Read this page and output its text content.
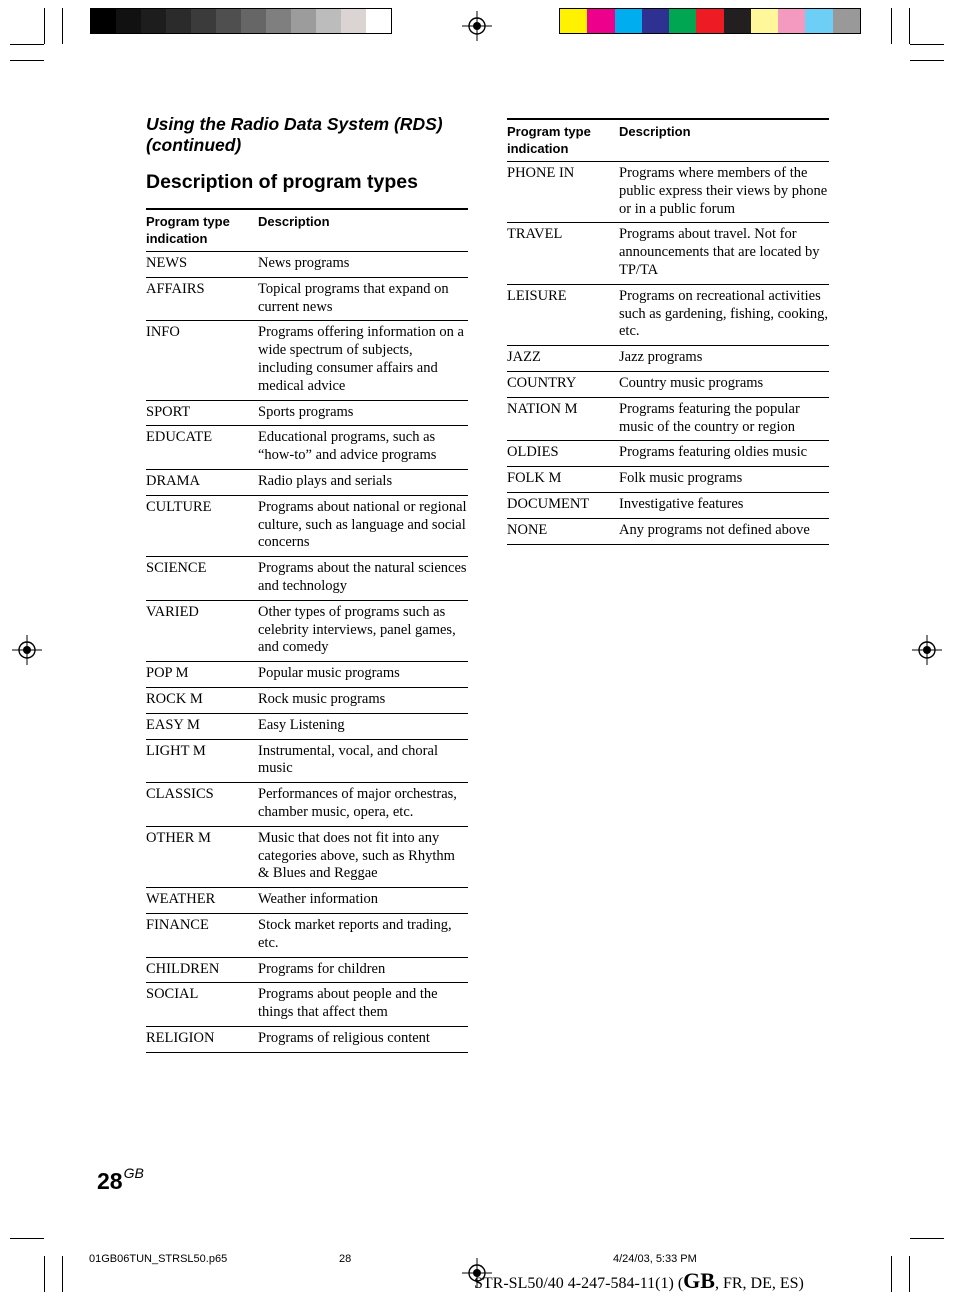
Using the Radio Data System (RDS)
(continued)
Description of program types
Program type
indication	Description
NEWS	News programs
AFFAIRS	Topical programs that expand on current news
INFO	Programs offering information on a wide spectrum of subjects, including consumer affairs and medical advice
SPORT	Sports programs
EDUCATE	Educational programs, such as “how-to” and advice programs
DRAMA	Radio plays and serials
CULTURE	Programs about national or regional culture, such as language and social concerns
SCIENCE	Programs about the natural sciences and technology
VARIED	Other types of programs such as celebrity interviews, panel games, and comedy
POP M	Popular music programs
ROCK M	Rock music programs
EASY M	Easy Listening
LIGHT M	Instrumental, vocal, and choral music
CLASSICS	Performances of major orchestras, chamber music, opera, etc.
OTHER M	Music that does not fit into any categories above, such as Rhythm & Blues and Reggae
WEATHER	Weather information
FINANCE	Stock market reports and trading, etc.
CHILDREN	Programs for children
SOCIAL	Programs about people and the things that affect them
RELIGION	Programs of religious content
Program type
indication	Description
PHONE IN	Programs where members of the public express their views by phone or in a public forum
TRAVEL	Programs about travel. Not for announcements that are located by TP/TA
LEISURE	Programs on recreational activities such as gardening, fishing, cooking, etc.
JAZZ	Jazz programs
COUNTRY	Country music programs
NATION M	Programs featuring the popular music of the country or region
OLDIES	Programs featuring oldies music
FOLK M	Folk music programs
DOCUMENT	Investigative features
NONE	Any programs not defined above
$28^{GB}$
01GB06TUN_STRSL50.p65	28	4/24/03, 5:33 PM
STR-SL50/40 4-247-584-11(1) (GB, FR, DE, ES)
